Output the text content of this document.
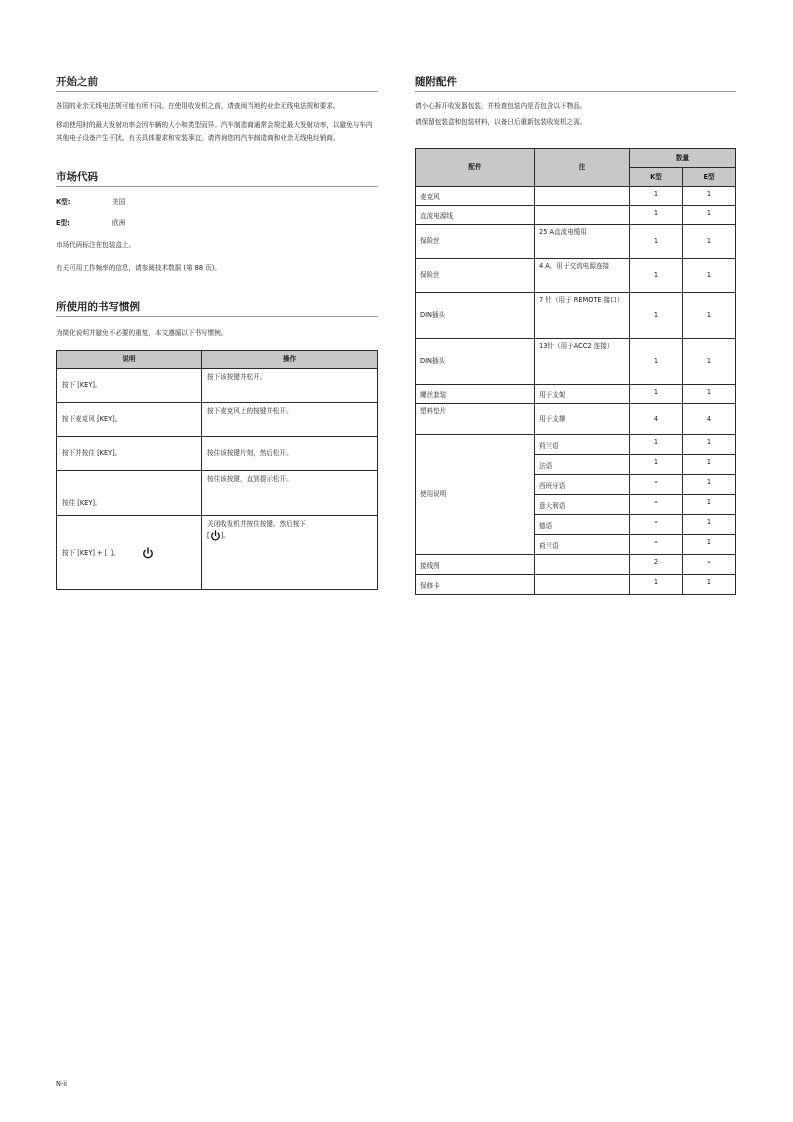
开始之前

各国的业余无线电法规可能有所不同。在使用收发机之前，请查阅当地的业余无线电法规和要求。

移动使用时的最大发射功率会因车辆的大小和类型而异。汽车制造商通常会规定最大发射功率，以避免与车内其他电子设备产生干扰。有关具体要求和安装事宜，请咨询您的汽车制造商和业余无线电经销商。

市场代码
K型:	美国
E型:	欧洲

市场代码标注在包装盒上。

有关可用工作频率的信息，请参阅技术数据 (第 88 页)。

所使用的书写惯例

为简化说明并避免不必要的重复，本文遵循以下书写惯例。

说明	操作
按下 [KEY]。	按下该按键并松开。
按下麦克风 [KEY]。	按下麦克风上的按键并松开。
按下并按住 [KEY]。	按住该按键片刻，然后松开。
按住 [KEY]。	按住该按键，直到提示松开。
按下 [KEY] + [  ]。	关闭收发机并按住按键。然后按下
[ ]。
随附配件

请小心拆开收发器包装，并检查包装内是否包含以下物品。

请保留包装盒和包装材料，以备日后重新包装收发机之需。

配件	注	数量	
		K型	E型
麦克风		1	1
直流电源线		1	1
保险丝	25 A直流电缆用	1	1
保险丝	4 A，用于交流电源连接	1	1
DIN插头	7 针（用于 REMOTE 接口）	1	1
DIN插头	13针（用于ACC2 连接）	1	1
螺丝套装	用于支架	1	1
塑料垫片	用于支撑	4	4
使用说明	荷兰语	1	1
	法语	1	1
	西班牙语	–	1
	意大利语	–	1
	德语	–	1
	荷兰语	–	1
接线图		2	–
保修卡		1	1
N-ii
